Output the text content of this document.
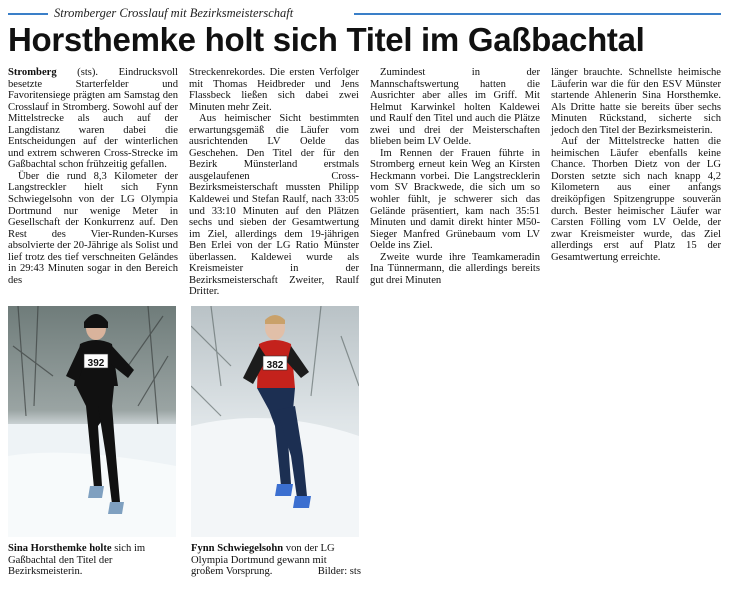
Stromberger Crosslauf mit Bezirksmeisterschaft
Horsthemke holt sich Titel im Gaßbachtal

Stromberg (sts). Eindrucksvoll besetzte Starterfelder und Favoritensiege prägten am Samstag den Crosslauf in Stromberg. Sowohl auf der Mittelstrecke als auch auf der Langdistanz waren dabei die Entscheidungen auf der winterlichen und extrem schweren Cross-Strecke im Gaßbachtal schon frühzeitig gefallen.

Über die rund 8,3 Kilometer der Langstreckler hielt sich Fynn Schwiegelsohn von der LG Olympia Dortmund nur wenige Meter in Gesellschaft der Konkurrenz auf. Den Rest des Vier-Runden-Kurses absolvierte der 20-Jährige als Solist und lief trotz des tief verschneiten Geländes in 29:43 Minuten sogar in den Bereich des

Streckenrekordes. Die ersten Verfolger mit Thomas Heidbreder und Jens Flassbeck ließen sich dabei zwei Minuten mehr Zeit.

Aus heimischer Sicht bestimmten erwartungsgemäß die Läufer vom ausrichtenden LV Oelde das Geschehen. Den Titel der für den Bezirk Münsterland erstmals ausgelaufenen Cross-Bezirksmeisterschaft mussten Philipp Kaldewei und Stefan Raulf, nach 33:05 und 33:10 Minuten auf den Plätzen sechs und sieben der Gesamtwertung im Ziel, allerdings dem 19-jährigen Ben Erlei von der LG Ratio Münster überlassen. Kaldewei wurde als Kreismeister in der Bezirksmeisterschaft Zweiter, Raulf Dritter.

Zumindest in der Mannschaftswertung hatten die Ausrichter aber alles im Griff. Mit Helmut Karwinkel holten Kaldewei und Raulf den Titel und auch die Plätze zwei und drei der Meisterschaften blieben beim LV Oelde.

Im Rennen der Frauen führte in Stromberg erneut kein Weg an Kirsten Heckmann vorbei. Die Langstrecklerin vom SV Brackwede, die sich um so wohler fühlt, je schwerer sich das Gelände präsentiert, kam nach 35:51 Minuten und damit direkt hinter M50-Sieger Manfred Grünebaum vom LV Oelde ins Ziel.

Zweite wurde ihre Teamkameradin Ina Tünnermann, die allerdings bereits gut drei Minuten

länger brauchte. Schnellste heimische Läuferin war die für den ESV Münster startende Ahlenerin Sina Horsthemke. Als Dritte hatte sie bereits über sechs Minuten Rückstand, sicherte sich jedoch den Titel der Bezirksmeisterin.

Auf der Mittelstrecke hatten die heimischen Läufer ebenfalls keine Chance. Thorben Dietz von der LG Dorsten setzte sich nach knapp 4,2 Kilometern aus einer anfangs dreiköpfigen Spitzengruppe souverän durch. Bester heimischer Läufer war Carsten Fölling vom LV Oelde, der zwar Kreismeister wurde, das Ziel allerdings erst auf Platz 15 der Gesamtwertung erreichte.

392	382
Sina Horsthemke holte sich im Gaßbachtal den Titel der Bezirksmeisterin.
Fynn Schwiegelsohn von der LG Olympia Dortmund gewann mit großem Vorsprung.	Bilder: sts
